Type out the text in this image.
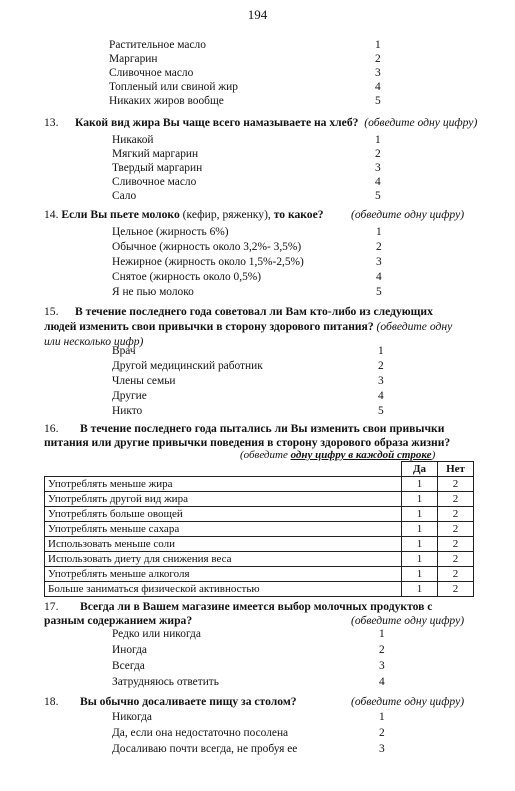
194
Растительное масло	1
Маргарин	2
Сливочное масло	3
Топленый или свиной жир	4
Никаких жиров вообще	5
13. Какой вид жира Вы чаще всего намазываете на хлеб? (обведите одну цифру)
Никакой	1
Мягкий маргарин	2
Твердый маргарин	3
Сливочное масло	4
Сало	5
14. Если Вы пьете молоко (кефир, ряженку), то какое? (обведите одну цифру)
Цельное (жирность 6%)	1
Обычное (жирность около 3,2%- 3,5%)	2
Нежирное (жирность около 1,5%-2,5%)	3
Снятое (жирность около 0,5%)	4
Я не пью молоко	5
15. В течение последнего года советовал ли Вам кто-либо из следующих
людей изменить свои привычки в сторону здорового питания? (обведите одну
или несколько цифр)
Врач	1
Другой медицинский работник	2
Члены семьи	3
Другие	4
Никто	5
16. В течение последнего года пытались ли Вы изменить свои привычки
питания или другие привычки поведения в сторону здорового образа жизни?
(обведите одну цифру в каждой строке)
	Да	Нет
Употреблять меньше жира	1	2
Употреблять другой вид жира	1	2
Употреблять больше овощей	1	2
Употреблять меньше сахара	1	2
Использовать меньше соли	1	2
Использовать диету для снижения веса	1	2
Употреблять меньше алкоголя	1	2
Больше заниматься физической активностью	1	2
17. Всегда ли в Вашем магазине имеется выбор молочных продуктов с
разным содержанием жира?	(обведите одну цифру)
Редко или никогда	1
Иногда	2
Всегда	3
Затрудняюсь ответить	4
18. Вы обычно досаливаете пищу за столом?	(обведите одну цифру)
Никогда	1
Да, если она недостаточно посолена	2
Досаливаю почти всегда, не пробуя ее	3
